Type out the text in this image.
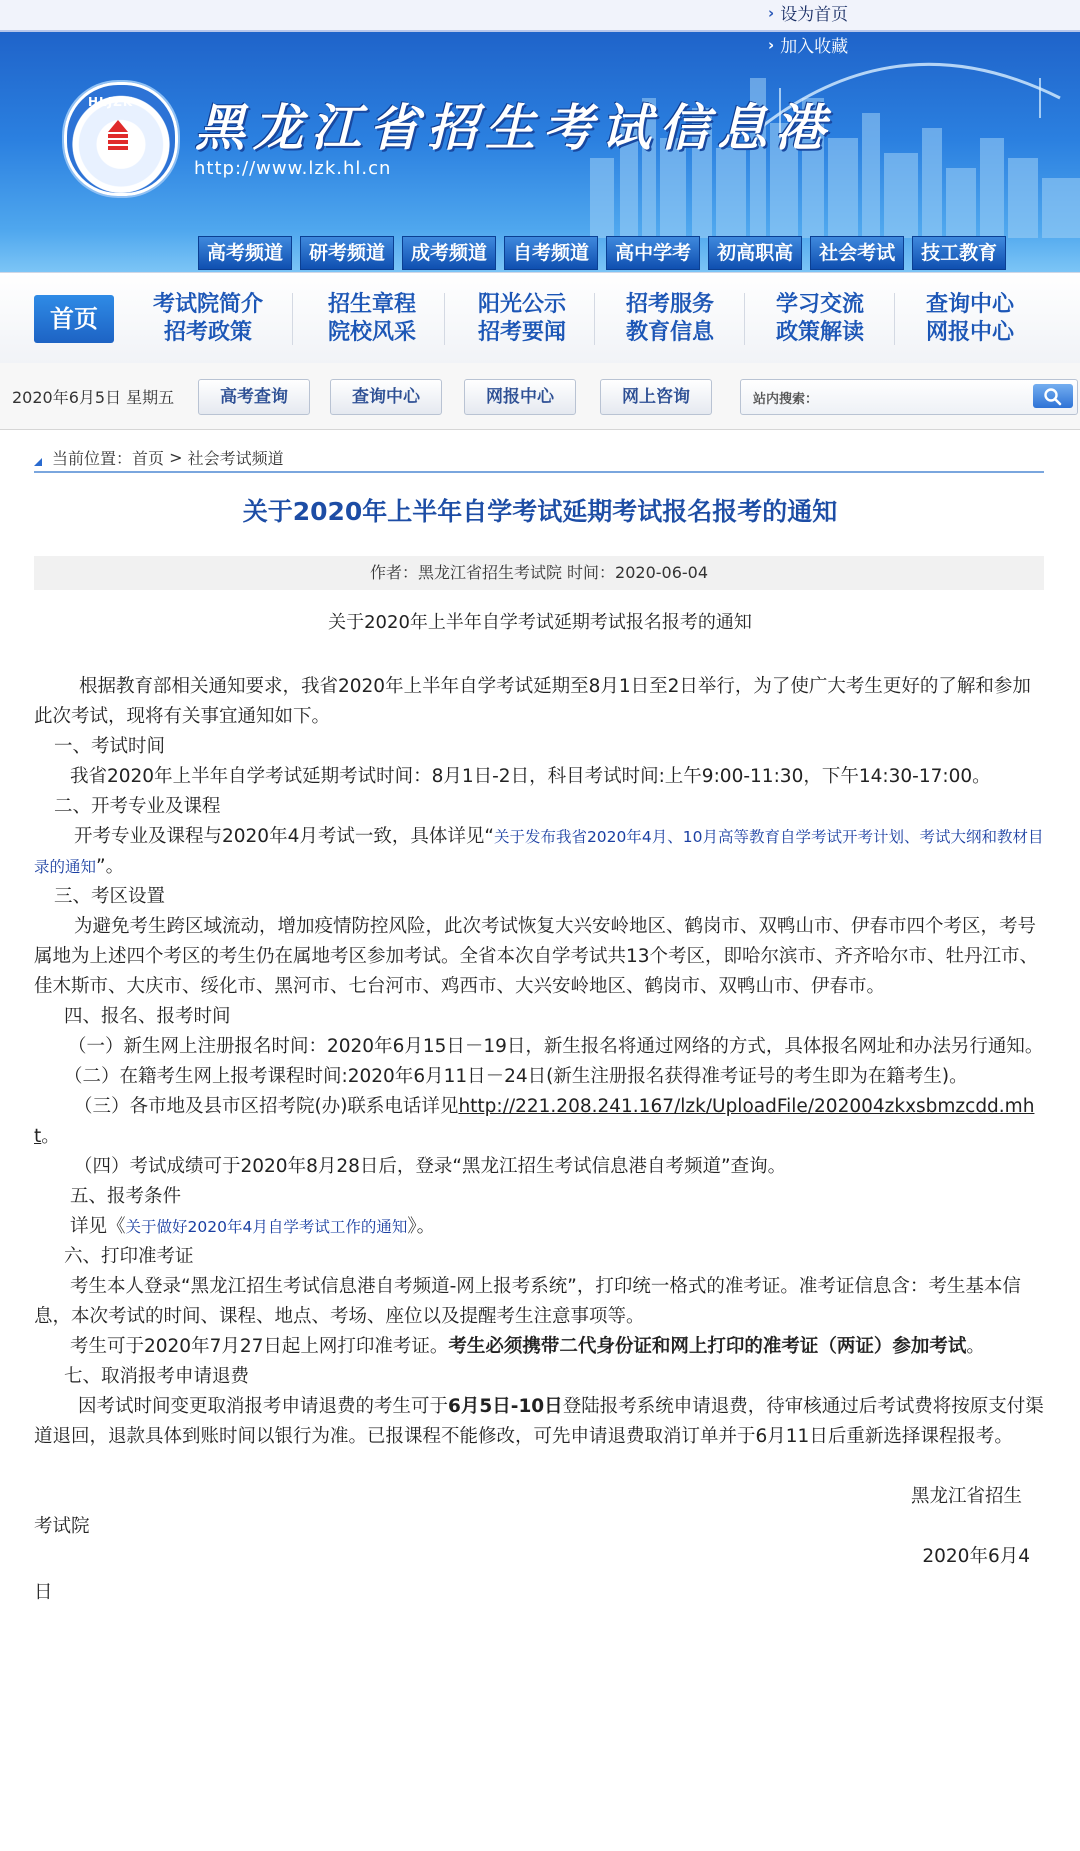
› 设为首页
› 加入收藏
HLJZK 黑龙江省招生考试信息港
http://www.lzk.hl.cn
高考频道	研考频道	成考频道	自考频道	高中学考	初高职高	社会考试	技工教育
首页
考试院简介
招考政策
招生章程
院校风采
阳光公示
招考要闻
招考服务
教育信息
学习交流
政策解读
查询中心
网报中心
2020年6月5日 星期五	高考查询	查询中心	网报中心	网上咨询	站内搜索：
当前位置： 首页 > 社会考试频道
关于2020年上半年自学考试延期考试报名报考的通知
作者：黑龙江省招生考试院 时间：2020-06-04
关于2020年上半年自学考试延期考试报名报考的通知

根据教育部相关通知要求，我省2020年上半年自学考试延期至8月1日至2日举行，为了使广大考生更好的了解和参加此次考试，现将有关事宜通知如下。

一、考试时间

我省2020年上半年自学考试延期考试时间：8月1日-2日，科目考试时间:上午9:00-11:30，下午14:30-17:00。

二、开考专业及课程

开考专业及课程与2020年4月考试一致，具体详见“关于发布我省2020年4月、10月高等教育自学考试开考计划、考试大纲和教材目录的通知”。

三、考区设置

为避免考生跨区域流动，增加疫情防控风险，此次考试恢复大兴安岭地区、鹤岗市、双鸭山市、伊春市四个考区，考号属地为上述四个考区的考生仍在属地考区参加考试。全省本次自学考试共13个考区，即哈尔滨市、齐齐哈尔市、牡丹江市、佳木斯市、大庆市、绥化市、黑河市、七台河市、鸡西市、大兴安岭地区、鹤岗市、双鸭山市、伊春市。

四、报名、报考时间

（一）新生网上注册报名时间：2020年6月15日－19日，新生报名将通过网络的方式，具体报名网址和办法另行通知。

（二）在籍考生网上报考课程时间:2020年6月11日－24日(新生注册报名获得准考证号的考生即为在籍考生)。

（三）各市地及县市区招考院(办)联系电话详见http://221.208.241.167/lzk/UploadFile/202004zkxsbmzcdd.mht。

（四）考试成绩可于2020年8月28日后，登录“黑龙江招生考试信息港自考频道”查询。

五、报考条件

详见《关于做好2020年4月自学考试工作的通知》。

六、打印准考证

考生本人登录“黑龙江招生考试信息港自考频道-网上报考系统”，打印统一格式的准考证。准考证信息含：考生基本信息，本次考试的时间、课程、地点、考场、座位以及提醒考生注意事项等。

考生可于2020年7月27日起上网打印准考证。考生必须携带二代身份证和网上打印的准考证（两证）参加考试。

七、取消报考申请退费

因考试时间变更取消报考申请退费的考生可于6月5日-10日登陆报考系统申请退费，待审核通过后考试费将按原支付渠道退回，退款具体到账时间以银行为准。已报课程不能修改，可先申请退费取消订单并于6月11日后重新选择课程报考。

黑龙江省招生

考试院

2020年6月4

日
